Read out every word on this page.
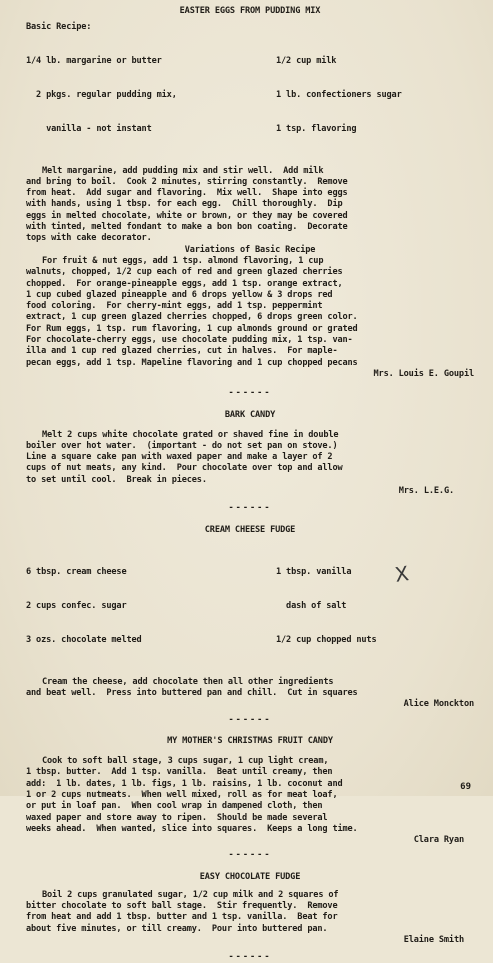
EASTER EGGS FROM PUDDING MIX
Basic Recipe:

1/4 lb. margarine or butter

2 pkgs. regular pudding mix,

vanilla - not instant

1/2 cup milk

1 lb. confectioners sugar

1 tsp. flavoring

Melt margarine, add pudding mix and stir well.  Add milk
and bring to boil.  Cook 2 minutes, stirring constantly.  Remove
from heat.  Add sugar and flavoring.  Mix well.  Shape into eggs
with hands, using 1 tbsp. for each egg.  Chill thoroughly.  Dip
eggs in melted chocolate, white or brown, or they may be covered
with tinted, melted fondant to make a bon bon coating.  Decorate
tops with cake decorator.
Variations of Basic Recipe
For fruit & nut eggs, add 1 tsp. almond flavoring, 1 cup
walnuts, chopped, 1/2 cup each of red and green glazed cherries
chopped.  For orange-pineapple eggs, add 1 tsp. orange extract,
1 cup cubed glazed pineapple and 6 drops yellow & 3 drops red
food coloring.  For cherry-mint eggs, add 1 tsp. peppermint
extract, 1 cup green glazed cherries chopped, 6 drops green color.
For Rum eggs, 1 tsp. rum flavoring, 1 cup almonds ground or grated
For chocolate-cherry eggs, use chocolate pudding mix, 1 tsp. van-
illa and 1 cup red glazed cherries, cut in halves.  For maple-
pecan eggs, add 1 tsp. Mapeline flavoring and 1 cup chopped pecans
Mrs. Louis E. Goupil
------
BARK CANDY
Melt 2 cups white chocolate grated or shaved fine in double
boiler over hot water.  (important - do not set pan on stove.)
Line a square cake pan with waxed paper and make a layer of 2
cups of nut meats, any kind.  Pour chocolate over top and allow
to set until cool.  Break in pieces.
Mrs. L.E.G.
------
CREAM CHEESE FUDGE

6 tbsp. cream cheese

2 cups confec. sugar

3 ozs. chocolate melted

1 tbsp. vanilla

dash of salt

1/2 cup chopped nuts

Cream the cheese, add chocolate then all other ingredients
and beat well.  Press into buttered pan and chill.  Cut in squares
Alice Monckton
------
MY MOTHER'S CHRISTMAS FRUIT CANDY
Cook to soft ball stage, 3 cups sugar, 1 cup light cream,
1 tbsp. butter.  Add 1 tsp. vanilla.  Beat until creamy, then
add:  1 lb. dates, 1 lb. figs, 1 lb. raisins, 1 lb. coconut and
1 or 2 cups nutmeats.  When well mixed, roll as for meat loaf,
or put in loaf pan.  When cool wrap in dampened cloth, then
waxed paper and store away to ripen.  Should be made several
weeks ahead.  When wanted, slice into squares.  Keeps a long time.
Clara Ryan
------
EASY CHOCOLATE FUDGE
Boil 2 cups granulated sugar, 1/2 cup milk and 2 squares of
bitter chocolate to soft ball stage.  Stir frequently.  Remove
from heat and add 1 tbsp. butter and 1 tsp. vanilla.  Beat for
about five minutes, or till creamy.  Pour into buttered pan.
Elaine Smith
------
X
69
